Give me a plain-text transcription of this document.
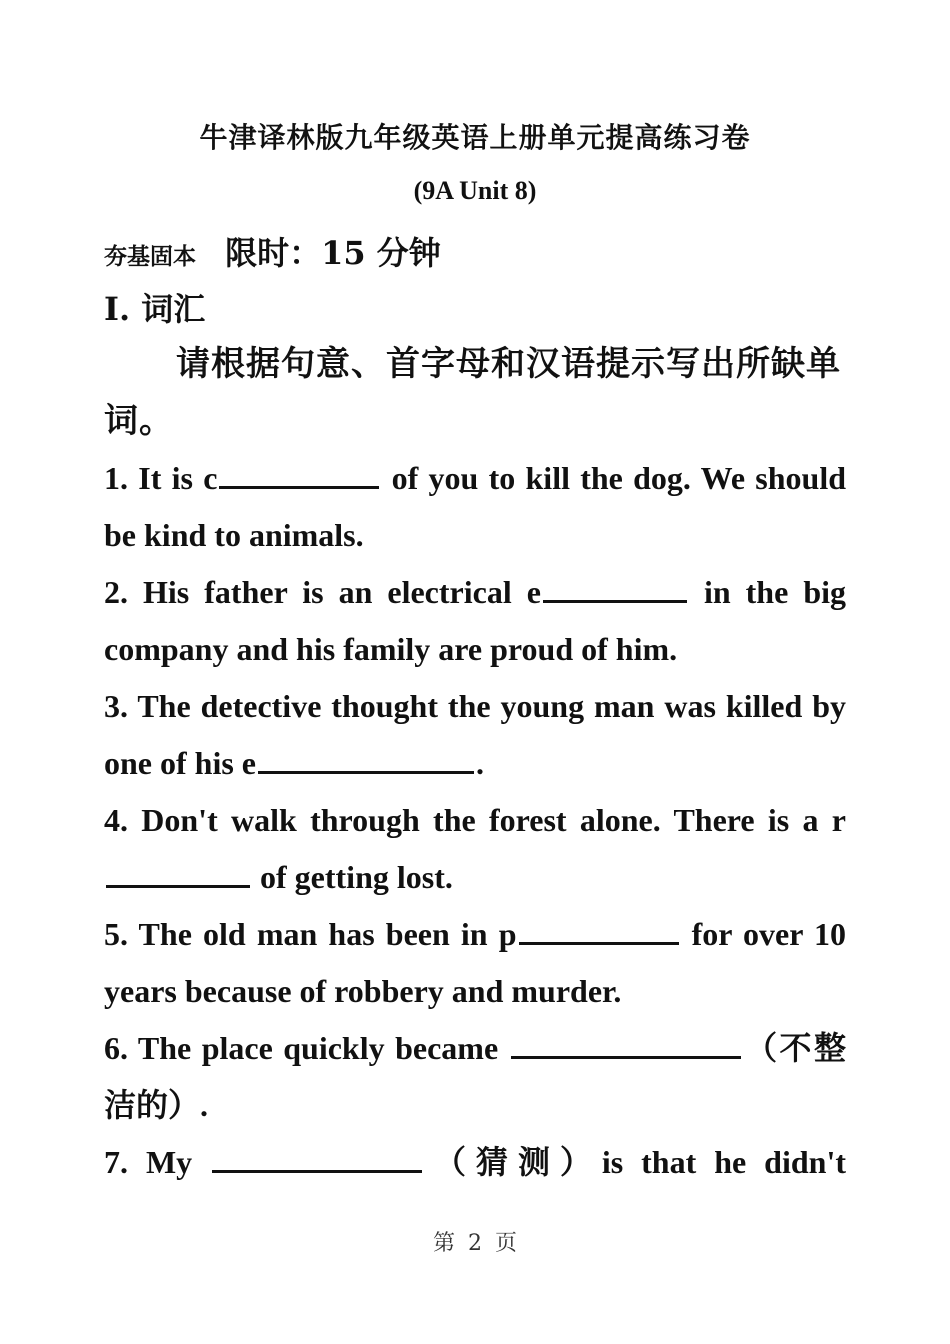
牛津译林版九年级英语上册单元提高练习卷
(9A Unit 8)
夯基固本 限时：15 分钟
I. 词汇
请根据句意、首字母和汉语提示写出所缺单词。

1. It is c	of you to kill the dog. We should be kind to animals.

2. His father is an electrical e	in the big company and his family are proud of him.

3. The detective thought the young man was killed by one of his e	.

4. Don't walk through the forest alone. There is a r of getting lost.

5. The old man has been in p	for over 10 years because of robbery and murder.

6. The place quickly became	（不整洁的）.

7. My	（猜测）is that he didn't

第 2 页
